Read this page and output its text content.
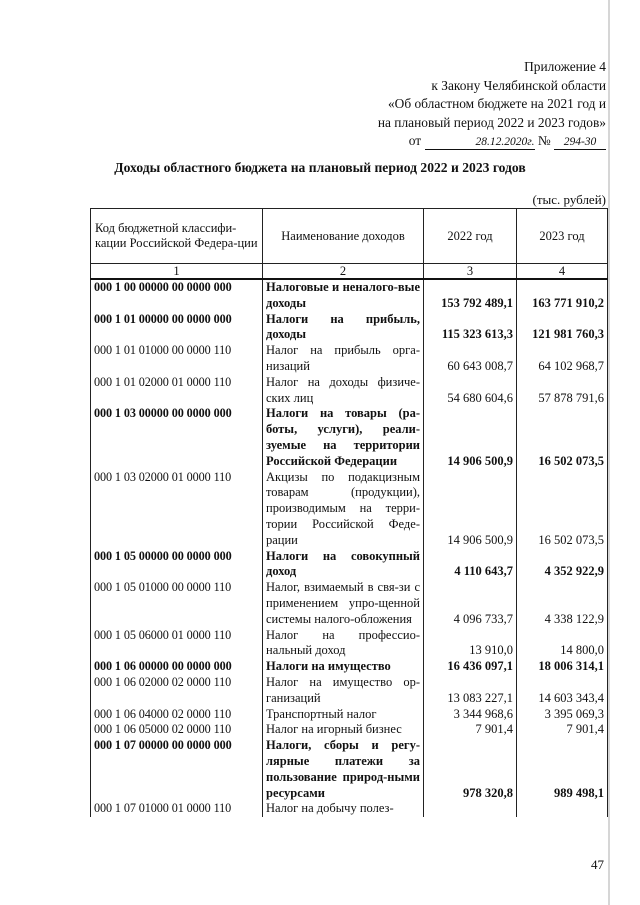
Приложение 4
к Закону Челябинской области
«Об областном бюджете на 2021 год и
на плановый период 2022 и 2023 годов»
от	28.12.2020г. № 294-30
Доходы областного бюджета на плановый период 2022 и 2023 годов
(тыс. рублей)
Код бюджетной классифи-кации Российской Федера-ции	Наименование доходов	2022 год	2023 год
1	2	3	4
000 1 00 00000 00 0000 000	Налоговые и неналого-вые доходы	153 792 489,1	163 771 910,2
000 1 01 00000 00 0000 000	Налоги на прибыль, доходы	115 323 613,3	121 981 760,3
000 1 01 01000 00 0000 110	Налог на прибыль орга-низаций	60 643 008,7	64 102 968,7
000 1 01 02000 01 0000 110	Налог на доходы физиче-ских лиц	54 680 604,6	57 878 791,6
000 1 03 00000 00 0000 000	Налоги на товары (ра-боты, услуги), реали-зуемые на территории Российской Федерации	14 906 500,9	16 502 073,5
000 1 03 02000 01 0000 110	Акцизы по подакцизным товарам (продукции), производимым на терри-тории Российской Феде-рации	14 906 500,9	16 502 073,5
000 1 05 00000 00 0000 000	Налоги на совокупный доход	4 110 643,7	4 352 922,9
000 1 05 01000 00 0000 110	Налог, взимаемый в свя-зи с применением упро-щенной системы налого-обложения	4 096 733,7	4 338 122,9
000 1 05 06000 01 0000 110	Налог на профессио-нальный доход	13 910,0	14 800,0
000 1 06 00000 00 0000 000	Налоги на имущество	16 436 097,1	18 006 314,1
000 1 06 02000 02 0000 110	Налог на имущество ор-ганизаций	13 083 227,1	14 603 343,4
000 1 06 04000 02 0000 110	Транспортный налог	3 344 968,6	3 395 069,3
000 1 06 05000 02 0000 110	Налог на игорный бизнес	7 901,4	7 901,4
000 1 07 00000 00 0000 000	Налоги, сборы и регу-лярные платежи за пользование природ-ными ресурсами	978 320,8	989 498,1
000 1 07 01000 01 0000 110	Налог на добычу полез-		
47
